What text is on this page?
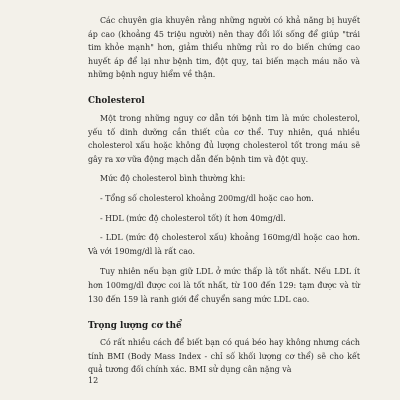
Các chuyên gia khuyên rằng những người có khả năng bị huyết áp cao (khoảng 45 triệu người) nên thay đổi lối sống để giúp "trái tim khỏe mạnh" hơn, giảm thiểu những rủi ro do biến chứng cao huyết áp để lại như bệnh tim, đột quỵ, tai biến mạch máu não và những bệnh nguy hiểm về thận.

Cholesterol

Một trong những nguy cơ dẫn tới bệnh tim là mức cholesterol, yếu tố dinh dưỡng cần thiết của cơ thể. Tuy nhiên, quá nhiều cholesterol xấu hoặc không đủ lượng cholesterol tốt trong máu sẽ gây ra xơ vữa động mạch dẫn đến bệnh tim và đột quỵ.

Mức độ cholesterol bình thường khi:

- Tổng số cholesterol khoảng 200mg/dl hoặc cao hơn.

- HDL (mức độ cholesterol tốt) ít hơn 40mg/dl.

- LDL (mức độ cholesterol xấu) khoảng 160mg/dl hoặc cao hơn. Và với 190mg/dl là rất cao.

Tuy nhiên nếu bạn giữ LDL ở mức thấp là tốt nhất. Nếu LDL ít hơn 100mg/dl được coi là tốt nhất, từ 100 đến 129: tạm được và từ 130 đến 159 là ranh giới để chuyển sang mức LDL cao.

Trọng lượng cơ thể

Có rất nhiều cách để biết bạn có quá béo hay không nhưng cách tính BMI (Body Mass Index - chỉ số khối lượng cơ thể) sẽ cho kết quả tương đối chính xác. BMI sử dụng cân nặng và

12
